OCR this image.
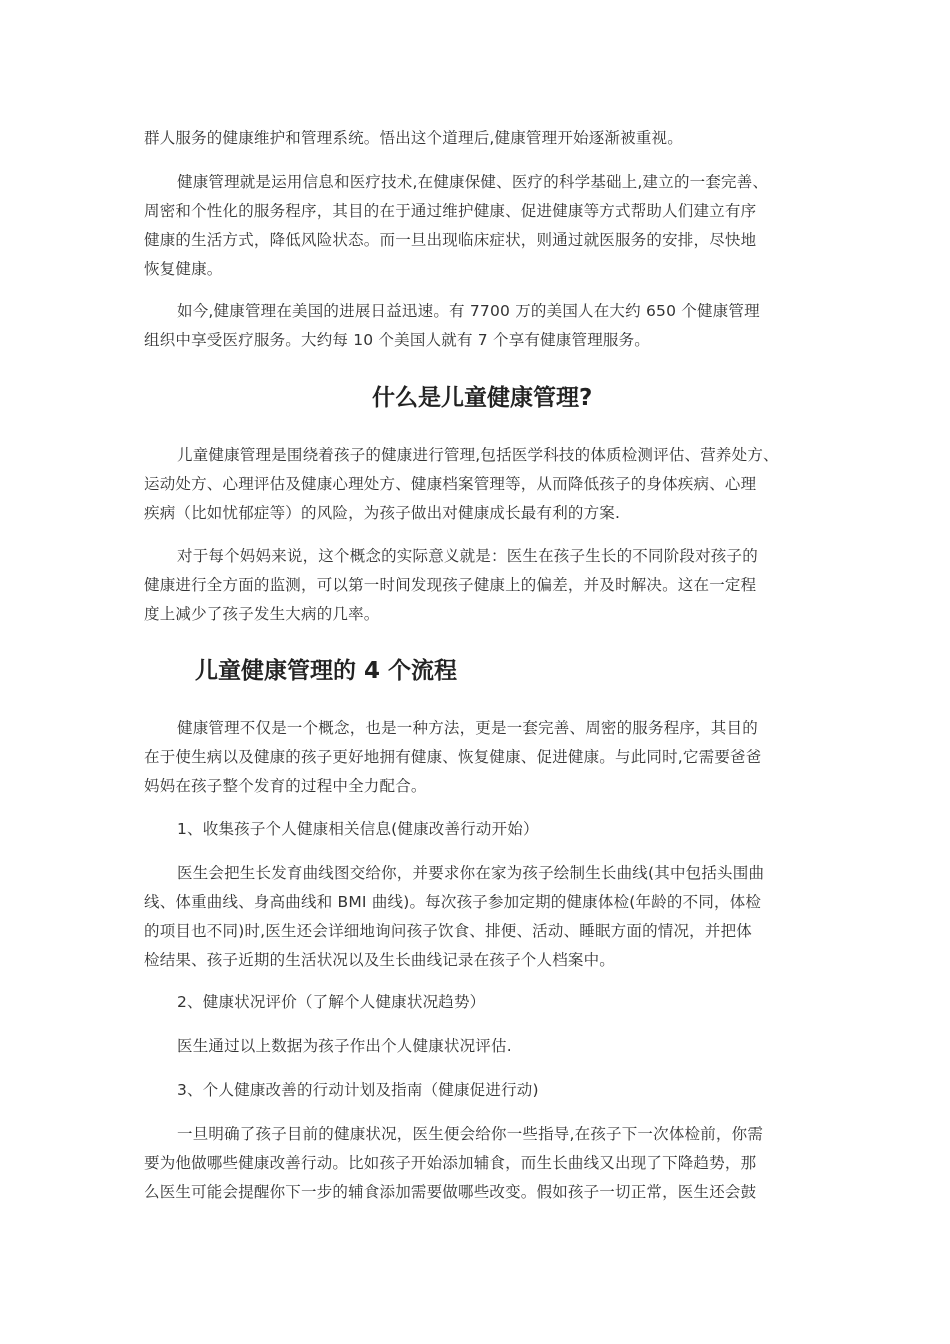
群人服务的健康维护和管理系统。悟出这个道理后,健康管理开始逐渐被重视。

健康管理就是运用信息和医疗技术,在健康保健、医疗的科学基础上,建立的一套完善、
周密和个性化的服务程序，其目的在于通过维护健康、促进健康等方式帮助人们建立有序
健康的生活方式，降低风险状态。而一旦出现临床症状，则通过就医服务的安排，尽快地
恢复健康。

如今,健康管理在美国的进展日益迅速。有 7700 万的美国人在大约 650 个健康管理
组织中享受医疗服务。大约每 10 个美国人就有 7 个享有健康管理服务。

什么是儿童健康管理?

儿童健康管理是围绕着孩子的健康进行管理,包括医学科技的体质检测评估、营养处方、
运动处方、心理评估及健康心理处方、健康档案管理等，从而降低孩子的身体疾病、心理
疾病（比如忧郁症等）的风险，为孩子做出对健康成长最有利的方案.

对于每个妈妈来说，这个概念的实际意义就是：医生在孩子生长的不同阶段对孩子的
健康进行全方面的监测，可以第一时间发现孩子健康上的偏差，并及时解决。这在一定程
度上减少了孩子发生大病的几率。

儿童健康管理的 4 个流程

健康管理不仅是一个概念，也是一种方法，更是一套完善、周密的服务程序，其目的
在于使生病以及健康的孩子更好地拥有健康、恢复健康、促进健康。与此同时,它需要爸爸
妈妈在孩子整个发育的过程中全力配合。

1、收集孩子个人健康相关信息(健康改善行动开始）

医生会把生长发育曲线图交给你，并要求你在家为孩子绘制生长曲线(其中包括头围曲
线、体重曲线、身高曲线和 BMI 曲线)。每次孩子参加定期的健康体检(年龄的不同，体检
的项目也不同)时,医生还会详细地询问孩子饮食、排便、活动、睡眠方面的情况，并把体
检结果、孩子近期的生活状况以及生长曲线记录在孩子个人档案中。

2、健康状况评价（了解个人健康状况趋势）

医生通过以上数据为孩子作出个人健康状况评估.

3、个人健康改善的行动计划及指南（健康促进行动)

一旦明确了孩子目前的健康状况，医生便会给你一些指导,在孩子下一次体检前，你需
要为他做哪些健康改善行动。比如孩子开始添加辅食，而生长曲线又出现了下降趋势，那
么医生可能会提醒你下一步的辅食添加需要做哪些改变。假如孩子一切正常，医生还会鼓
